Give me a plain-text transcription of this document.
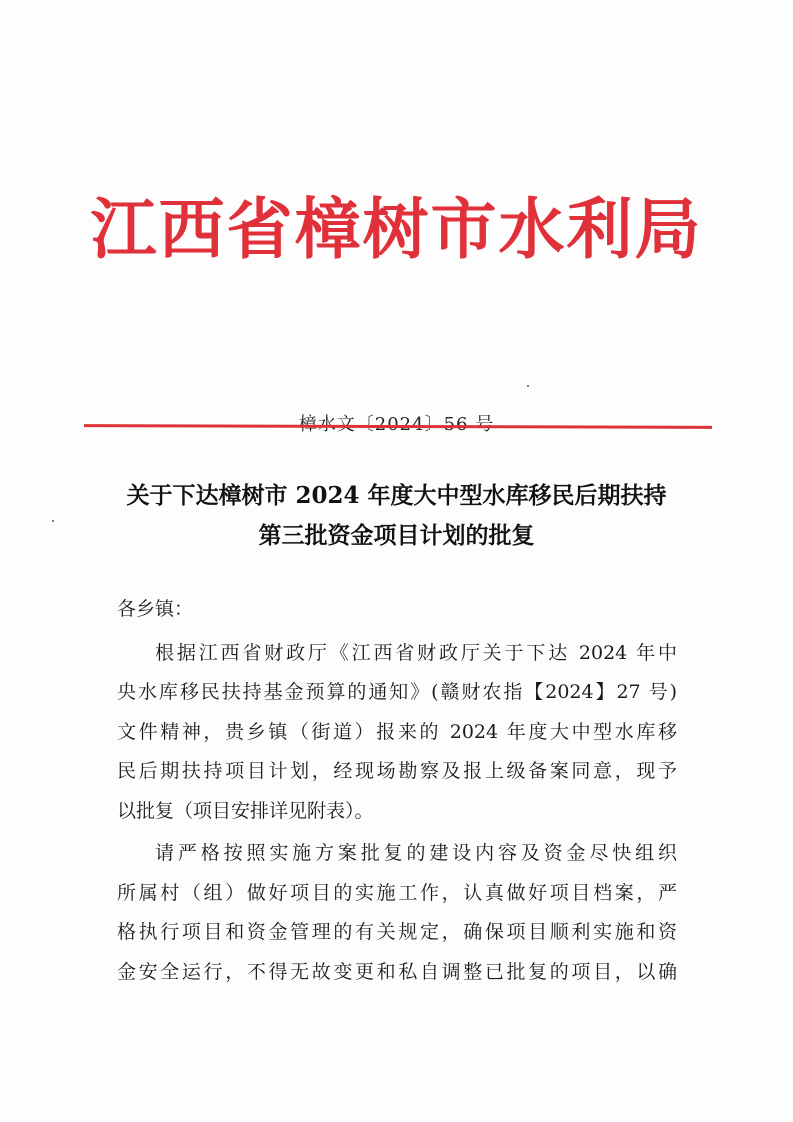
江西省樟树市水利局
关于下达樟树市 2024 年度大中型水库移民后期扶持
第三批资金项目计划的批复
各乡镇：
根据江西省财政厅《江西省财政厅关于下达 2024 年中
央水库移民扶持基金预算的通知》(赣财农指【2024】27 号)
文件精神，贵乡镇（街道）报来的 2024 年度大中型水库移
民后期扶持项目计划，经现场勘察及报上级备案同意，现予
以批复（项目安排详见附表）。
请严格按照实施方案批复的建设内容及资金尽快组织
所属村（组）做好项目的实施工作，认真做好项目档案，严
格执行项目和资金管理的有关规定，确保项目顺利实施和资
金安全运行，不得无故变更和私自调整已批复的项目，以确
